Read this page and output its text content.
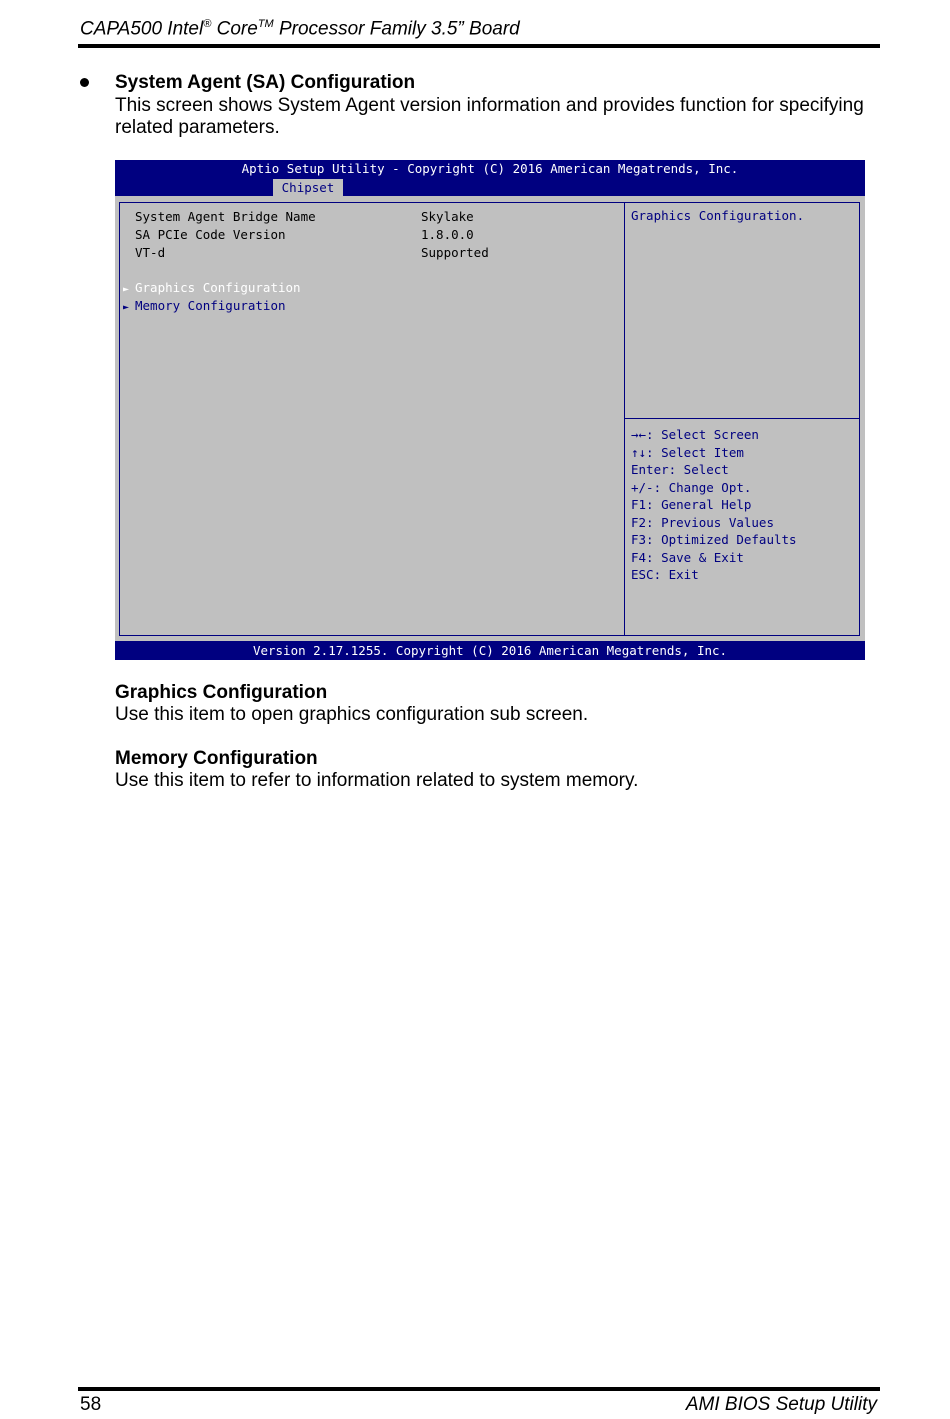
CAPA500 Intel® Core™ Processor Family 3.5” Board
System Agent (SA) Configuration
This screen shows System Agent version information and provides function for specifying related parameters.
Aptio Setup Utility - Copyright (C) 2016 American Megatrends, Inc.
Chipset
System Agent Bridge Name	Skylake
SA PCIe Code Version	1.8.0.0
VT-d	Supported
► Graphics Configuration
► Memory Configuration
Graphics Configuration.
→←: Select Screen
↑↓: Select Item
Enter: Select
+/-: Change Opt.
F1: General Help
F2: Previous Values
F3: Optimized Defaults
F4: Save & Exit
ESC: Exit
Version 2.17.1255. Copyright (C) 2016 American Megatrends, Inc.
Graphics Configuration
Use this item to open graphics configuration sub screen.
Memory Configuration
Use this item to refer to information related to system memory.
58	AMI BIOS Setup Utility
